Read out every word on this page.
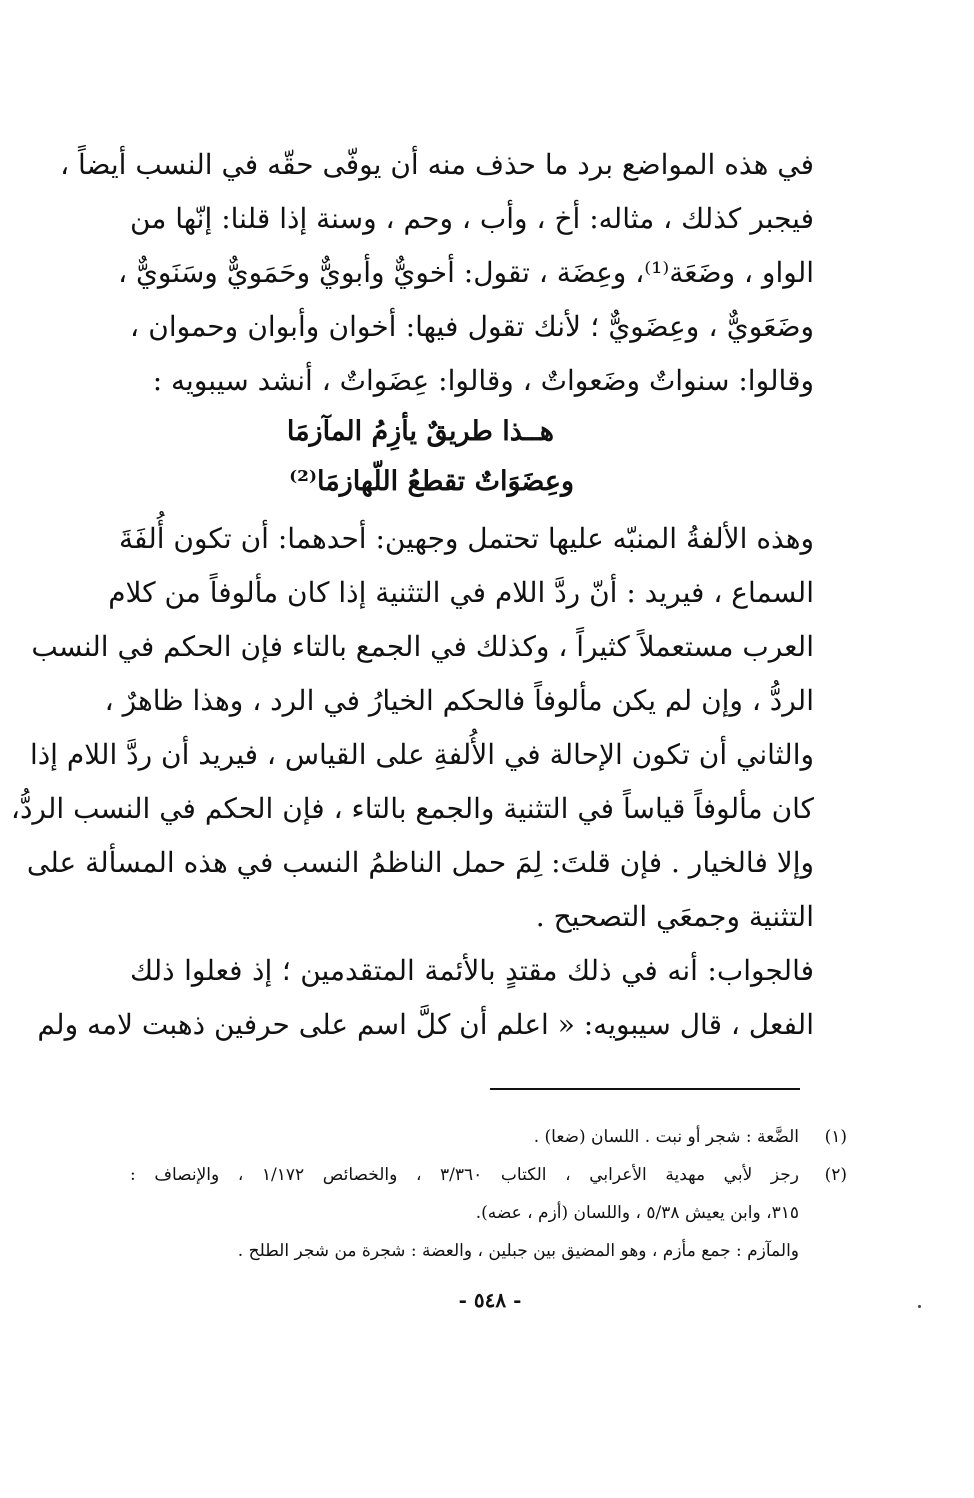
في هذه المواضع برد ما حذف منه أن يوفّى حقّه في النسب أيضاً ،
فيجبر كذلك ، مثاله: أخ ، وأب ، وحم ، وسنة إذا قلنا: إنّها من
الواو ، وضَعَة⁽¹⁾، وعِضَة ، تقول: أخويٌّ وأبويٌّ وحَمَويٌّ وسَنَويٌّ ،
وضَعَويٌّ ، وعِضَويٌّ ؛ لأنك تقول فيها: أخوان وأبوان وحموان ،
وقالوا: سنواتٌ وضَعواتٌ ، وقالوا: عِضَواتٌ ، أنشد سيبويه :
هــذا طريقٌ يأزِمُ المآزمَا
وعِضَوَاتٌ تقطعُ اللّهازمَا⁽²⁾
وهذه الألفةُ المنبّه عليها تحتمل وجهين: أحدهما: أن تكون أُلفَةَ
السماع ، فيريد : أنّ ردَّ اللام في التثنية إذا كان مألوفاً من كلام
العرب مستعملاً كثيراً ، وكذلك في الجمع بالتاء فإن الحكم في النسب
الردُّ ، وإن لم يكن مألوفاً فالحكم الخيارُ في الرد ، وهذا ظاهرٌ ،
والثاني أن تكون الإحالة في الأُلفةِ على القياس ، فيريد أن ردَّ اللام إذا
كان مألوفاً قياساً في التثنية والجمع بالتاء ، فإن الحكم في النسب الردُّ،
وإلا فالخيار . فإن قلتَ: لِمَ حمل الناظمُ النسب في هذه المسألة على
التثنية وجمعَي التصحيح .
فالجواب: أنه في ذلك مقتدٍ بالأئمة المتقدمين ؛ إذ فعلوا ذلك
الفعل ، قال سيبويه: « اعلم أن كلَّ اسم على حرفين ذهبت لامه ولم
(١)
الضَّعة : شجر أو نبت . اللسان (ضعا) .
(٢)
رجز لأبي مهدية الأعرابي ، الكتاب ٣/٣٦٠ ، والخصائص ١/١٧٢ ، والإنصاف :
٣١٥، وابن يعيش ٥/٣٨ ، واللسان (أزم ، عضه).
والمآزم : جمع مأزم ، وهو المضيق بين جبلين ، والعضة : شجرة من شجر الطلح .
- ٥٤٨ -
